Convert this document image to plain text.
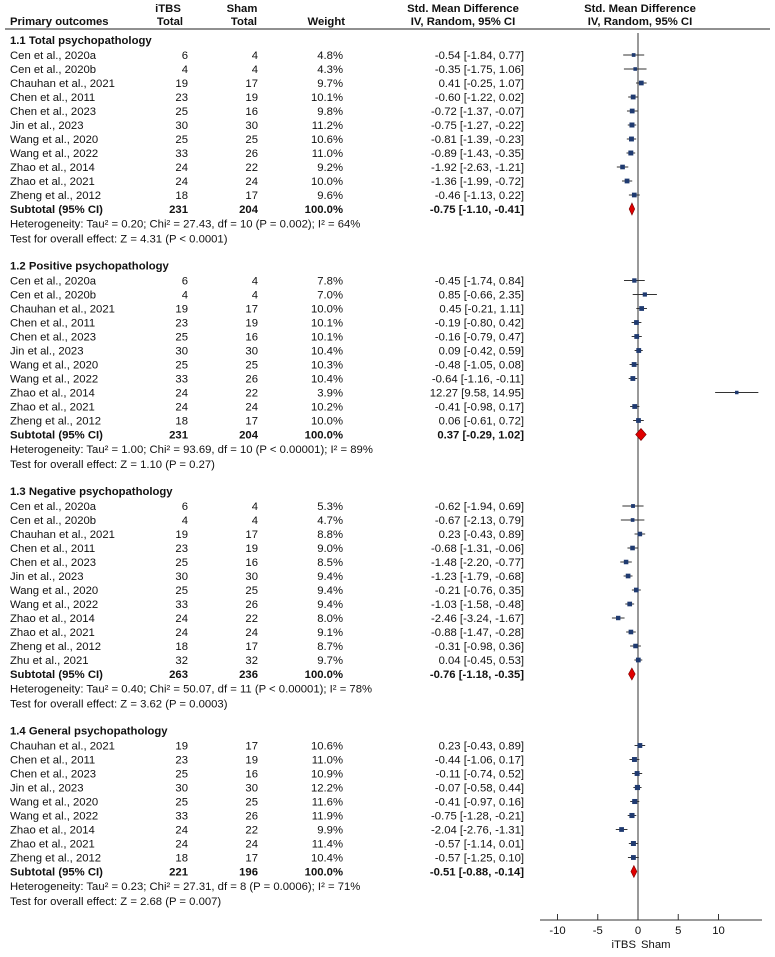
iTBS
Primary outcomes	Total
Sham
Total	Weight
Std. Mean Difference
IV, Random, 95% CI
Std. Mean Difference
IV, Random, 95% CI
1.1 Total psychopathology
Cen et al., 2020a	6	4	4.8%	-0.54 [-1.84, 0.77]
Cen et al., 2020b	4	4	4.3%	-0.35 [-1.75, 1.06]
Chauhan et al., 2021	19	17	9.7%	0.41 [-0.25, 1.07]
Chen et al., 2011	23	19	10.1%	-0.60 [-1.22, 0.02]
Chen et al., 2023	25	16	9.8%	-0.72 [-1.37, -0.07]
Jin et al., 2023	30	30	11.2%	-0.75 [-1.27, -0.22]
Wang et al., 2020	25	25	10.6%	-0.81 [-1.39, -0.23]
Wang et al., 2022	33	26	11.0%	-0.89 [-1.43, -0.35]
Zhao et al., 2014	24	22	9.2%	-1.92 [-2.63, -1.21]
Zhao et al., 2021	24	24	10.0%	-1.36 [-1.99, -0.72]
Zheng et al., 2012	18	17	9.6%	-0.46 [-1.13, 0.22]
Subtotal (95% CI)	231	204	100.0%	-0.75 [-1.10, -0.41]
Heterogeneity: Tau² = 0.20; Chi² = 27.43, df = 10 (P = 0.002); I² = 64%
Test for overall effect: Z = 4.31 (P < 0.0001)
1.2 Positive psychopathology
Cen et al., 2020a	6	4	7.8%	-0.45 [-1.74, 0.84]
Cen et al., 2020b	4	4	7.0%	0.85 [-0.66, 2.35]
Chauhan et al., 2021	19	17	10.0%	0.45 [-0.21, 1.11]
Chen et al., 2011	23	19	10.1%	-0.19 [-0.80, 0.42]
Chen et al., 2023	25	16	10.1%	-0.16 [-0.79, 0.47]
Jin et al., 2023	30	30	10.4%	0.09 [-0.42, 0.59]
Wang et al., 2020	25	25	10.3%	-0.48 [-1.05, 0.08]
Wang et al., 2022	33	26	10.4%	-0.64 [-1.16, -0.11]
Zhao et al., 2014	24	22	3.9%	12.27 [9.58, 14.95]
Zhao et al., 2021	24	24	10.2%	-0.41 [-0.98, 0.17]
Zheng et al., 2012	18	17	10.0%	0.06 [-0.61, 0.72]
Subtotal (95% CI)	231	204	100.0%	0.37 [-0.29, 1.02]
Heterogeneity: Tau² = 1.00; Chi² = 93.69, df = 10 (P < 0.00001); I² = 89%
Test for overall effect: Z = 1.10 (P = 0.27)
1.3 Negative psychopathology
Cen et al., 2020a	6	4	5.3%	-0.62 [-1.94, 0.69]
Cen et al., 2020b	4	4	4.7%	-0.67 [-2.13, 0.79]
Chauhan et al., 2021	19	17	8.8%	0.23 [-0.43, 0.89]
Chen et al., 2011	23	19	9.0%	-0.68 [-1.31, -0.06]
Chen et al., 2023	25	16	8.5%	-1.48 [-2.20, -0.77]
Jin et al., 2023	30	30	9.4%	-1.23 [-1.79, -0.68]
Wang et al., 2020	25	25	9.4%	-0.21 [-0.76, 0.35]
Wang et al., 2022	33	26	9.4%	-1.03 [-1.58, -0.48]
Zhao et al., 2014	24	22	8.0%	-2.46 [-3.24, -1.67]
Zhao et al., 2021	24	24	9.1%	-0.88 [-1.47, -0.28]
Zheng et al., 2012	18	17	8.7%	-0.31 [-0.98, 0.36]
Zhu et al., 2021	32	32	9.7%	0.04 [-0.45, 0.53]
Subtotal (95% CI)	263	236	100.0%	-0.76 [-1.18, -0.35]
Heterogeneity: Tau² = 0.40; Chi² = 50.07, df = 11 (P < 0.00001); I² = 78%
Test for overall effect: Z = 3.62 (P = 0.0003)
1.4 General psychopathology
Chauhan et al., 2021	19	17	10.6%	0.23 [-0.43, 0.89]
Chen et al., 2011	23	19	11.0%	-0.44 [-1.06, 0.17]
Chen et al., 2023	25	16	10.9%	-0.11 [-0.74, 0.52]
Jin et al., 2023	30	30	12.2%	-0.07 [-0.58, 0.44]
Wang et al., 2020	25	25	11.6%	-0.41 [-0.97, 0.16]
Wang et al., 2022	33	26	11.9%	-0.75 [-1.28, -0.21]
Zhao et al., 2014	24	22	9.9%	-2.04 [-2.76, -1.31]
Zhao et al., 2021	24	24	11.4%	-0.57 [-1.14, 0.01]
Zheng et al., 2012	18	17	10.4%	-0.57 [-1.25, 0.10]
Subtotal (95% CI)	221	196	100.0%	-0.51 [-0.88, -0.14]
Heterogeneity: Tau² = 0.23; Chi² = 27.31, df = 8 (P = 0.0006); I² = 71%
Test for overall effect: Z = 2.68 (P = 0.007)
-10 -5	0	5	10
iTBS Sham
